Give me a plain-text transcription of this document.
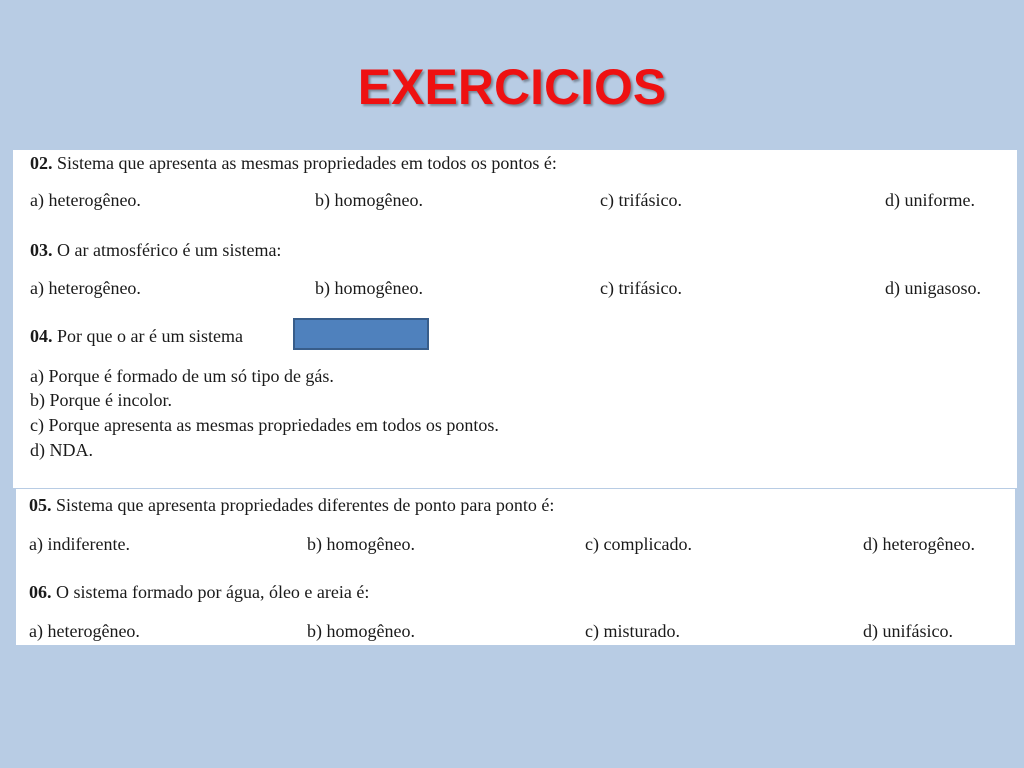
EXERCICIOS
02. Sistema que apresenta as mesmas propriedades em todos os pontos é:
a) heterogêneo.	b) homogêneo.	c) trifásico.	d) uniforme.
03. O ar atmosférico é um sistema:
a) heterogêneo.	b) homogêneo.	c) trifásico.	d) unigasoso.
04. Por que o ar é um sistema
a) Porque é formado de um só tipo de gás.
b) Porque é incolor.
c) Porque apresenta as mesmas propriedades em todos os pontos.
d) NDA.
05. Sistema que apresenta propriedades diferentes de ponto para ponto é:
a) indiferente.	b) homogêneo.	c) complicado.	d) heterogêneo.
06. O sistema formado por água, óleo e areia é:
a) heterogêneo.	b) homogêneo.	c) misturado.	d) unifásico.
